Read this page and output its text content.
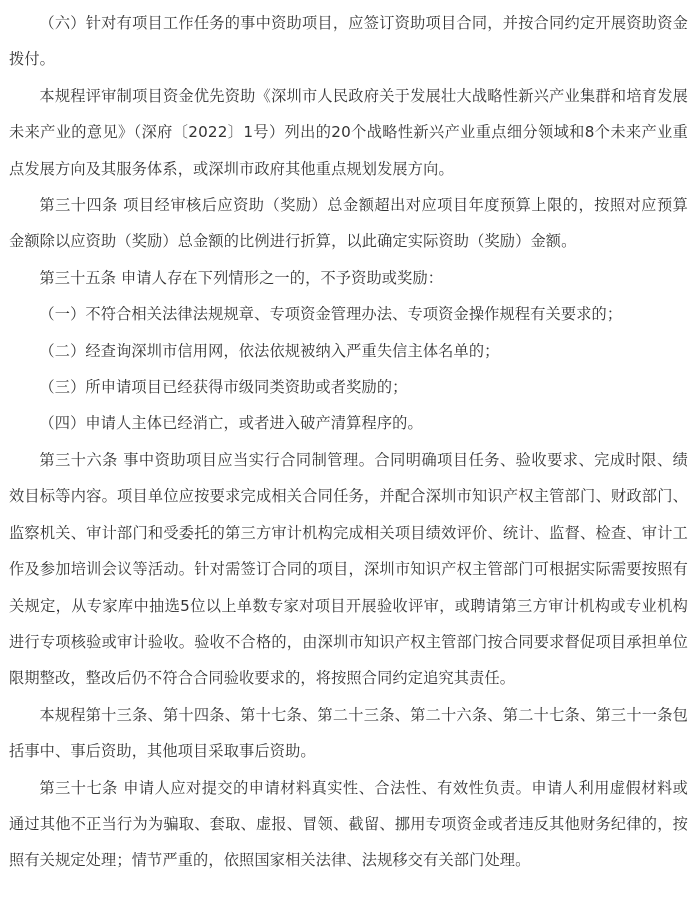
（六）针对有项目工作任务的事中资助项目，应签订资助项目合同，并按合同约定开展资助资金拨付。

本规程评审制项目资金优先资助《深圳市人民政府关于发展壮大战略性新兴产业集群和培育发展未来产业的意见》（深府〔2022〕1号）列出的20个战略性新兴产业重点细分领域和8个未来产业重点发展方向及其服务体系，或深圳市政府其他重点规划发展方向。

第三十四条 项目经审核后应资助（奖励）总金额超出对应项目年度预算上限的，按照对应预算金额除以应资助（奖励）总金额的比例进行折算，以此确定实际资助（奖励）金额。

第三十五条 申请人存在下列情形之一的，不予资助或奖励：

（一）不符合相关法律法规规章、专项资金管理办法、专项资金操作规程有关要求的；

（二）经查询深圳市信用网，依法依规被纳入严重失信主体名单的；

（三）所申请项目已经获得市级同类资助或者奖励的；

（四）申请人主体已经消亡，或者进入破产清算程序的。

第三十六条 事中资助项目应当实行合同制管理。合同明确项目任务、验收要求、完成时限、绩效目标等内容。项目单位应按要求完成相关合同任务，并配合深圳市知识产权主管部门、财政部门、监察机关、审计部门和受委托的第三方审计机构完成相关项目绩效评价、统计、监督、检查、审计工作及参加培训会议等活动。针对需签订合同的项目，深圳市知识产权主管部门可根据实际需要按照有关规定，从专家库中抽选5位以上单数专家对项目开展验收评审，或聘请第三方审计机构或专业机构进行专项核验或审计验收。验收不合格的，由深圳市知识产权主管部门按合同要求督促项目承担单位限期整改，整改后仍不符合合同验收要求的，将按照合同约定追究其责任。

本规程第十三条、第十四条、第十七条、第二十三条、第二十六条、第二十七条、第三十一条包括事中、事后资助，其他项目采取事后资助。

第三十七条 申请人应对提交的申请材料真实性、合法性、有效性负责。申请人利用虚假材料或通过其他不正当行为为骗取、套取、虚报、冒领、截留、挪用专项资金或者违反其他财务纪律的，按照有关规定处理；情节严重的，依照国家相关法律、法规移交有关部门处理。
